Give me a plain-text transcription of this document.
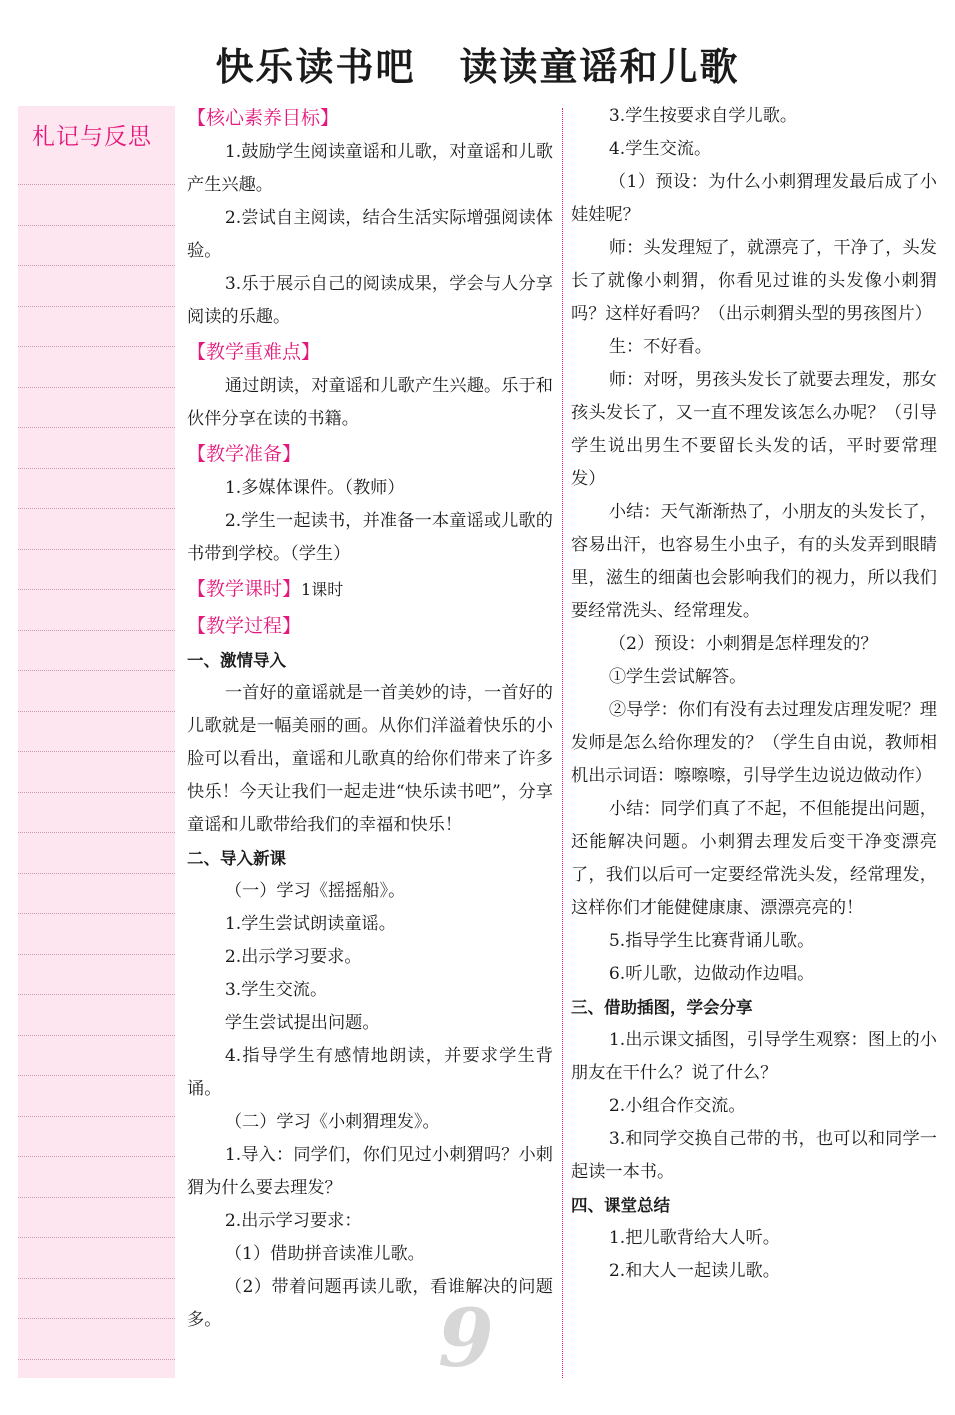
快乐读书吧 读读童谣和儿歌
札记与反思

【核心素养目标】

1.鼓励学生阅读童谣和儿歌，对童谣和儿歌产生兴趣。

2.尝试自主阅读，结合生活实际增强阅读体验。

3.乐于展示自己的阅读成果，学会与人分享阅读的乐趣。

【教学重难点】

通过朗读，对童谣和儿歌产生兴趣。乐于和伙伴分享在读的书籍。

【教学准备】

1.多媒体课件。（教师）

2.学生一起读书，并准备一本童谣或儿歌的书带到学校。（学生）

【教学课时】1课时

【教学过程】

一、激情导入

一首好的童谣就是一首美妙的诗，一首好的儿歌就是一幅美丽的画。从你们洋溢着快乐的小脸可以看出，童谣和儿歌真的给你们带来了许多快乐！今天让我们一起走进“快乐读书吧”，分享童谣和儿歌带给我们的幸福和快乐！

二、导入新课

（一）学习《摇摇船》。

1.学生尝试朗读童谣。

2.出示学习要求。

3.学生交流。

学生尝试提出问题。

4.指导学生有感情地朗读，并要求学生背诵。

（二）学习《小刺猬理发》。

1.导入：同学们，你们见过小刺猬吗？小刺猬为什么要去理发？

2.出示学习要求：

（1）借助拼音读准儿歌。

（2）带着问题再读儿歌，看谁解决的问题多。

3.学生按要求自学儿歌。

4.学生交流。

（1）预设：为什么小刺猬理发最后成了小娃娃呢？

师：头发理短了，就漂亮了，干净了，头发长了就像小刺猬，你看见过谁的头发像小刺猬吗？这样好看吗？（出示刺猬头型的男孩图片）

生：不好看。

师：对呀，男孩头发长了就要去理发，那女孩头发长了，又一直不理发该怎么办呢？（引导学生说出男生不要留长头发的话，平时要常理发）

小结：天气渐渐热了，小朋友的头发长了，容易出汗，也容易生小虫子，有的头发弄到眼睛里，滋生的细菌也会影响我们的视力，所以我们要经常洗头、经常理发。

（2）预设：小刺猬是怎样理发的？

①学生尝试解答。

②导学：你们有没有去过理发店理发呢？理发师是怎么给你理发的？（学生自由说，教师相机出示词语：嚓嚓嚓，引导学生边说边做动作）

小结：同学们真了不起，不但能提出问题，还能解决问题。小刺猬去理发后变干净变漂亮了，我们以后可一定要经常洗头发，经常理发，这样你们才能健健康康、漂漂亮亮的！

5.指导学生比赛背诵儿歌。

6.听儿歌，边做动作边唱。

三、借助插图，学会分享

1.出示课文插图，引导学生观察：图上的小朋友在干什么？说了什么？

2.小组合作交流。

3.和同学交换自己带的书，也可以和同学一起读一本书。

四、课堂总结

1.把儿歌背给大人听。

2.和大人一起读儿歌。

9
